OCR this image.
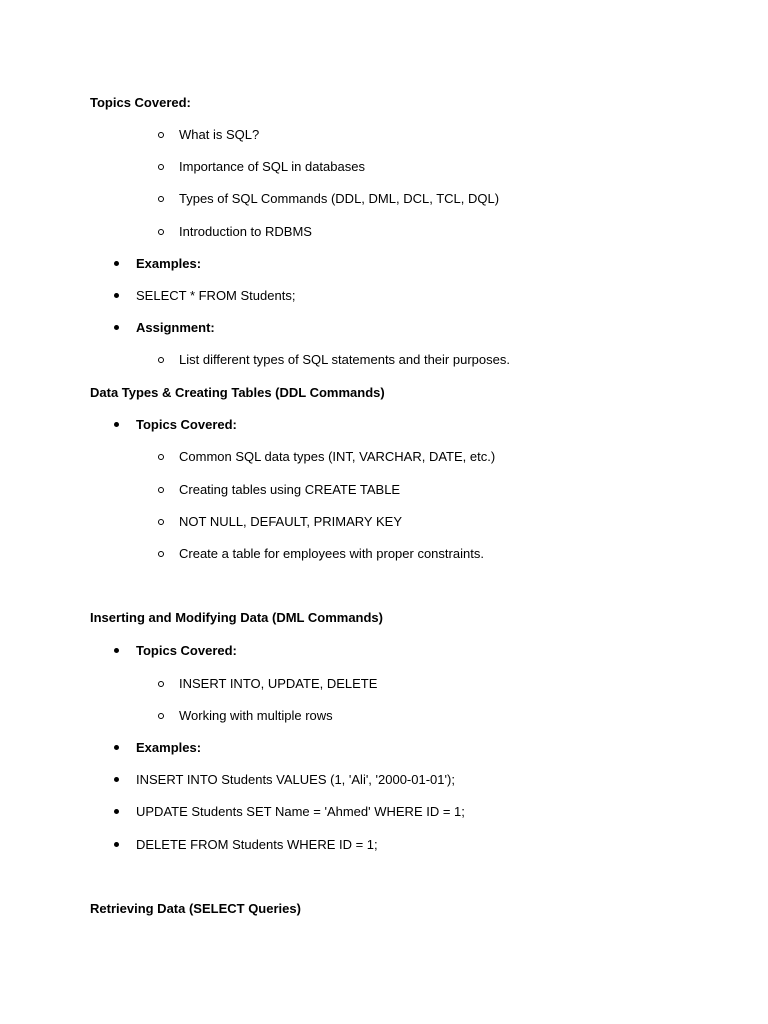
Topics Covered:
What is SQL?
Importance of SQL in databases
Types of SQL Commands (DDL, DML, DCL, TCL, DQL)
Introduction to RDBMS
Examples:
SELECT * FROM Students;
Assignment:
List different types of SQL statements and their purposes.
Data Types & Creating Tables (DDL Commands)
Topics Covered:
Common SQL data types (INT, VARCHAR, DATE, etc.)
Creating tables using CREATE TABLE
NOT NULL, DEFAULT, PRIMARY KEY
Create a table for employees with proper constraints.
Inserting and Modifying Data (DML Commands)
Topics Covered:
INSERT INTO, UPDATE, DELETE
Working with multiple rows
Examples:
INSERT INTO Students VALUES (1, 'Ali', '2000-01-01');
UPDATE Students SET Name = 'Ahmed' WHERE ID = 1;
DELETE FROM Students WHERE ID = 1;
Retrieving Data (SELECT Queries)
